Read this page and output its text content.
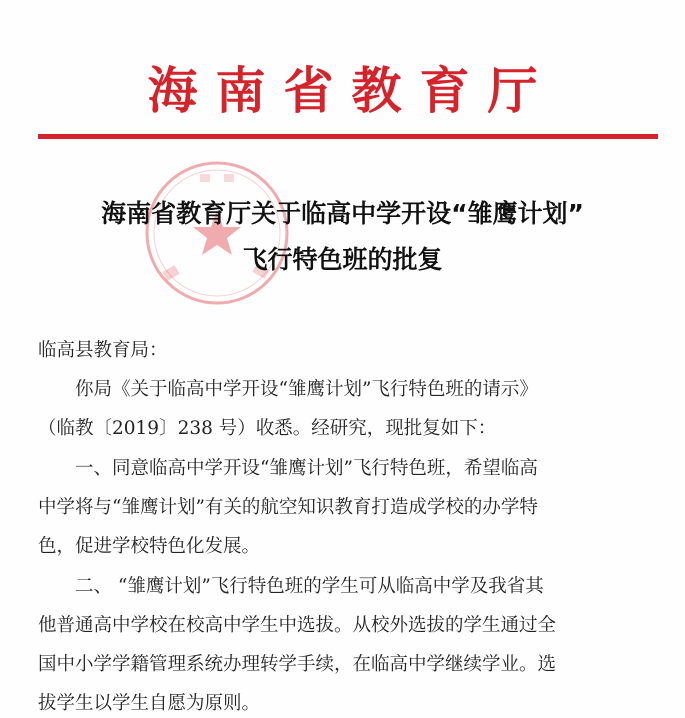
海南省教育厅
海南省教育厅关于临高中学开设“雏鹰计划”
飞行特色班的批复
临高县教育局：
你局《关于临高中学开设“雏鹰计划”飞行特色班的请示》
（临教〔2019〕238 号）收悉。经研究，现批复如下：
一、同意临高中学开设“雏鹰计划”飞行特色班，希望临高
中学将与“雏鹰计划”有关的航空知识教育打造成学校的办学特
色，促进学校特色化发展。
二、 “雏鹰计划”飞行特色班的学生可从临高中学及我省其
他普通高中学校在校高中学生中选拔。从校外选拔的学生通过全
国中小学学籍管理系统办理转学手续，在临高中学继续学业。选
拔学生以学生自愿为原则。
